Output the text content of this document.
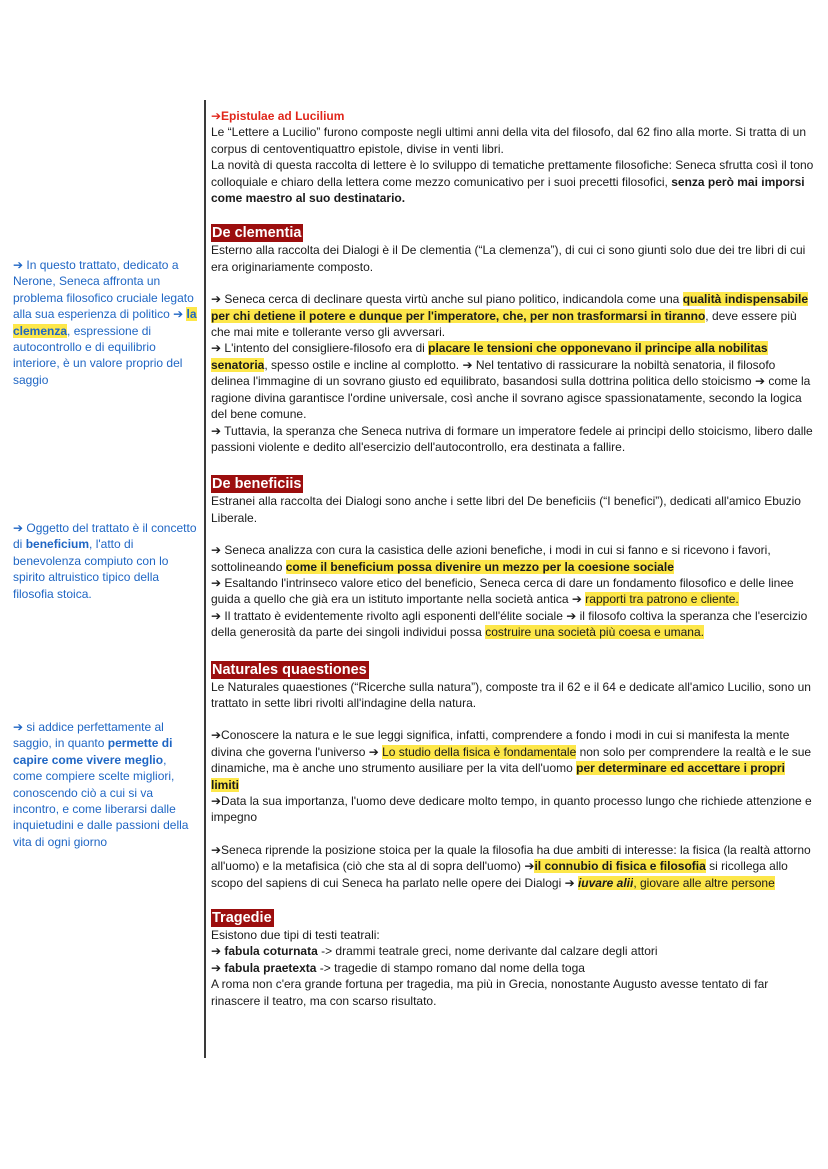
➔ In questo trattato, dedicato a Nerone, Seneca affronta un problema filosofico cruciale legato alla sua esperienza di politico ➔ la clemenza, espressione di autocontrollo e di equilibrio interiore, è un valore proprio del saggio
➔ Oggetto del trattato è il concetto di beneficium, l'atto di benevolenza compiuto con lo spirito altruistico tipico della filosofia stoica.
➔ si addice perfettamente al saggio, in quanto permette di capire come vivere meglio, come compiere scelte migliori, conoscendo ciò a cui si va incontro, e come liberarsi dalle inquietudini e dalle passioni della vita di ogni giorno

➔Epistulae ad Lucilium

Le “Lettere a Lucilio” furono composte negli ultimi anni della vita del filosofo, dal 62 fino alla morte. Si tratta di un corpus di centoventiquattro epistole, divise in venti libri.

La novità di questa raccolta di lettere è lo sviluppo di tematiche prettamente filosofiche: Seneca sfrutta così il tono colloquiale e chiaro della lettera come mezzo comunicativo per i suoi precetti filosofici, senza però mai imporsi come maestro al suo destinatario.

De clementia

Esterno alla raccolta dei Dialogi è il De clementia (“La clemenza”), di cui ci sono giunti solo due dei tre libri di cui era originariamente composto.

➔ Seneca cerca di declinare questa virtù anche sul piano politico, indicandola come una qualità indispensabile per chi detiene il potere e dunque per l'imperatore, che, per non trasformarsi in tiranno, deve essere più che mai mite e tollerante verso gli avversari.

➔ L'intento del consigliere-filosofo era di placare le tensioni che opponevano il principe alla nobilitas senatoria, spesso ostile e incline al complotto. ➔ Nel tentativo di rassicurare la nobiltà senatoria, il filosofo delinea l'immagine di un sovrano giusto ed equilibrato, basandosi sulla dottrina politica dello stoicismo ➔ come la ragione divina garantisce l'ordine universale, così anche il sovrano agisce spassionatamente, secondo la logica del bene comune.

➔ Tuttavia, la speranza che Seneca nutriva di formare un imperatore fedele ai principi dello stoicismo, libero dalle passioni violente e dedito all'esercizio dell'autocontrollo, era destinata a fallire.

De beneficiis

Estranei alla raccolta dei Dialogi sono anche i sette libri del De beneficiis (“I benefici”), dedicati all'amico Ebuzio Liberale.

➔ Seneca analizza con cura la casistica delle azioni benefiche, i modi in cui si fanno e si ricevono i favori, sottolineando come il beneficium possa divenire un mezzo per la coesione sociale

➔ Esaltando l'intrinseco valore etico del beneficio, Seneca cerca di dare un fondamento filosofico e delle linee guida a quello che già era un istituto importante nella società antica ➔ rapporti tra patrono e cliente.

➔ Il trattato è evidentemente rivolto agli esponenti dell'élite sociale ➔ il filosofo coltiva la speranza che l'esercizio della generosità da parte dei singoli individui possa costruire una società più coesa e umana.

Naturales quaestiones

Le Naturales quaestiones (“Ricerche sulla natura”), composte tra il 62 e il 64 e dedicate all'amico Lucilio, sono un trattato in sette libri rivolti all'indagine della natura.

➔Conoscere la natura e le sue leggi significa, infatti, comprendere a fondo i modi in cui si manifesta la mente divina che governa l'universo ➔ Lo studio della fisica è fondamentale non solo per comprendere la realtà e le sue dinamiche, ma è anche uno strumento ausiliare per la vita dell'uomo per determinare ed accettare i propri limiti

➔Data la sua importanza, l'uomo deve dedicare molto tempo, in quanto processo lungo che richiede attenzione e impegno

➔Seneca riprende la posizione stoica per la quale la filosofia ha due ambiti di interesse: la fisica (la realtà attorno all'uomo) e la metafisica (ciò che sta al di sopra dell'uomo) ➔il connubio di fisica e filosofia si ricollega allo scopo del sapiens di cui Seneca ha parlato nelle opere dei Dialogi ➔ iuvare alii, giovare alle altre persone

Tragedie

Esistono due tipi di testi teatrali:

➔ fabula coturnata -> drammi teatrale greci, nome derivante dal calzare degli attori

➔ fabula praetexta -> tragedie di stampo romano dal nome della toga

A roma non c'era grande fortuna per tragedia, ma più in Grecia, nonostante Augusto avesse tentato di far rinascere il teatro, ma con scarso risultato.
